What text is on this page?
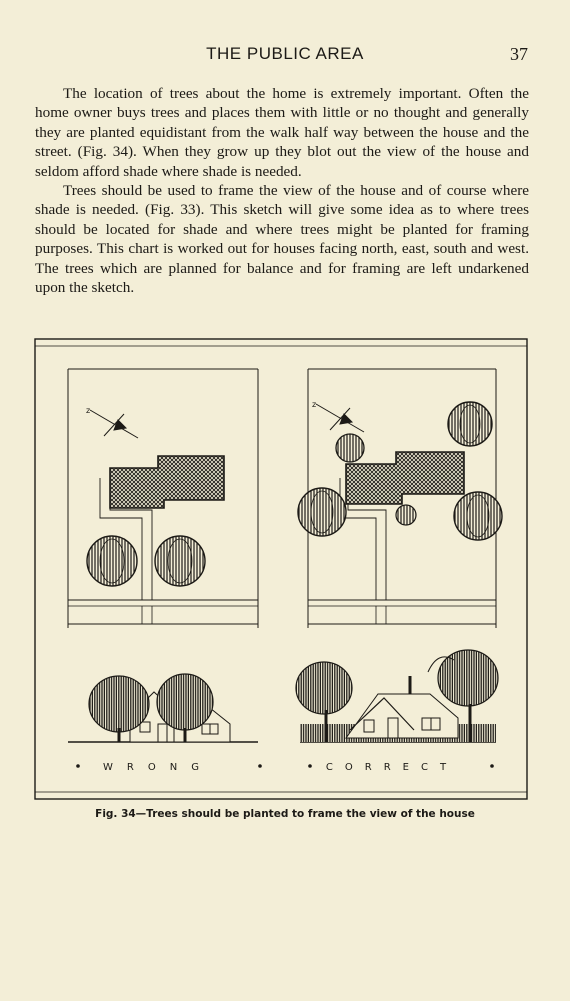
THE PUBLIC AREA	37

The location of trees about the home is extremely important. Often the home owner buys trees and places them with little or no thought and generally they are planted equidistant from the walk half way between the house and the street. (Fig. 34). When they grow up they blot out the view of the house and seldom afford shade where shade is needed.

Trees should be used to frame the view of the house and of course where shade is needed. (Fig. 33). This sketch will give some idea as to where trees should be located for shade and where trees might be planted for framing purposes. This chart is worked out for houses facing north, east, south and west. The trees which are planned for balance and for framing are left undarkened upon the sketch.

z
z
WRONG	CORRECT
Fig. 34—Trees should be planted to frame the view of the house
